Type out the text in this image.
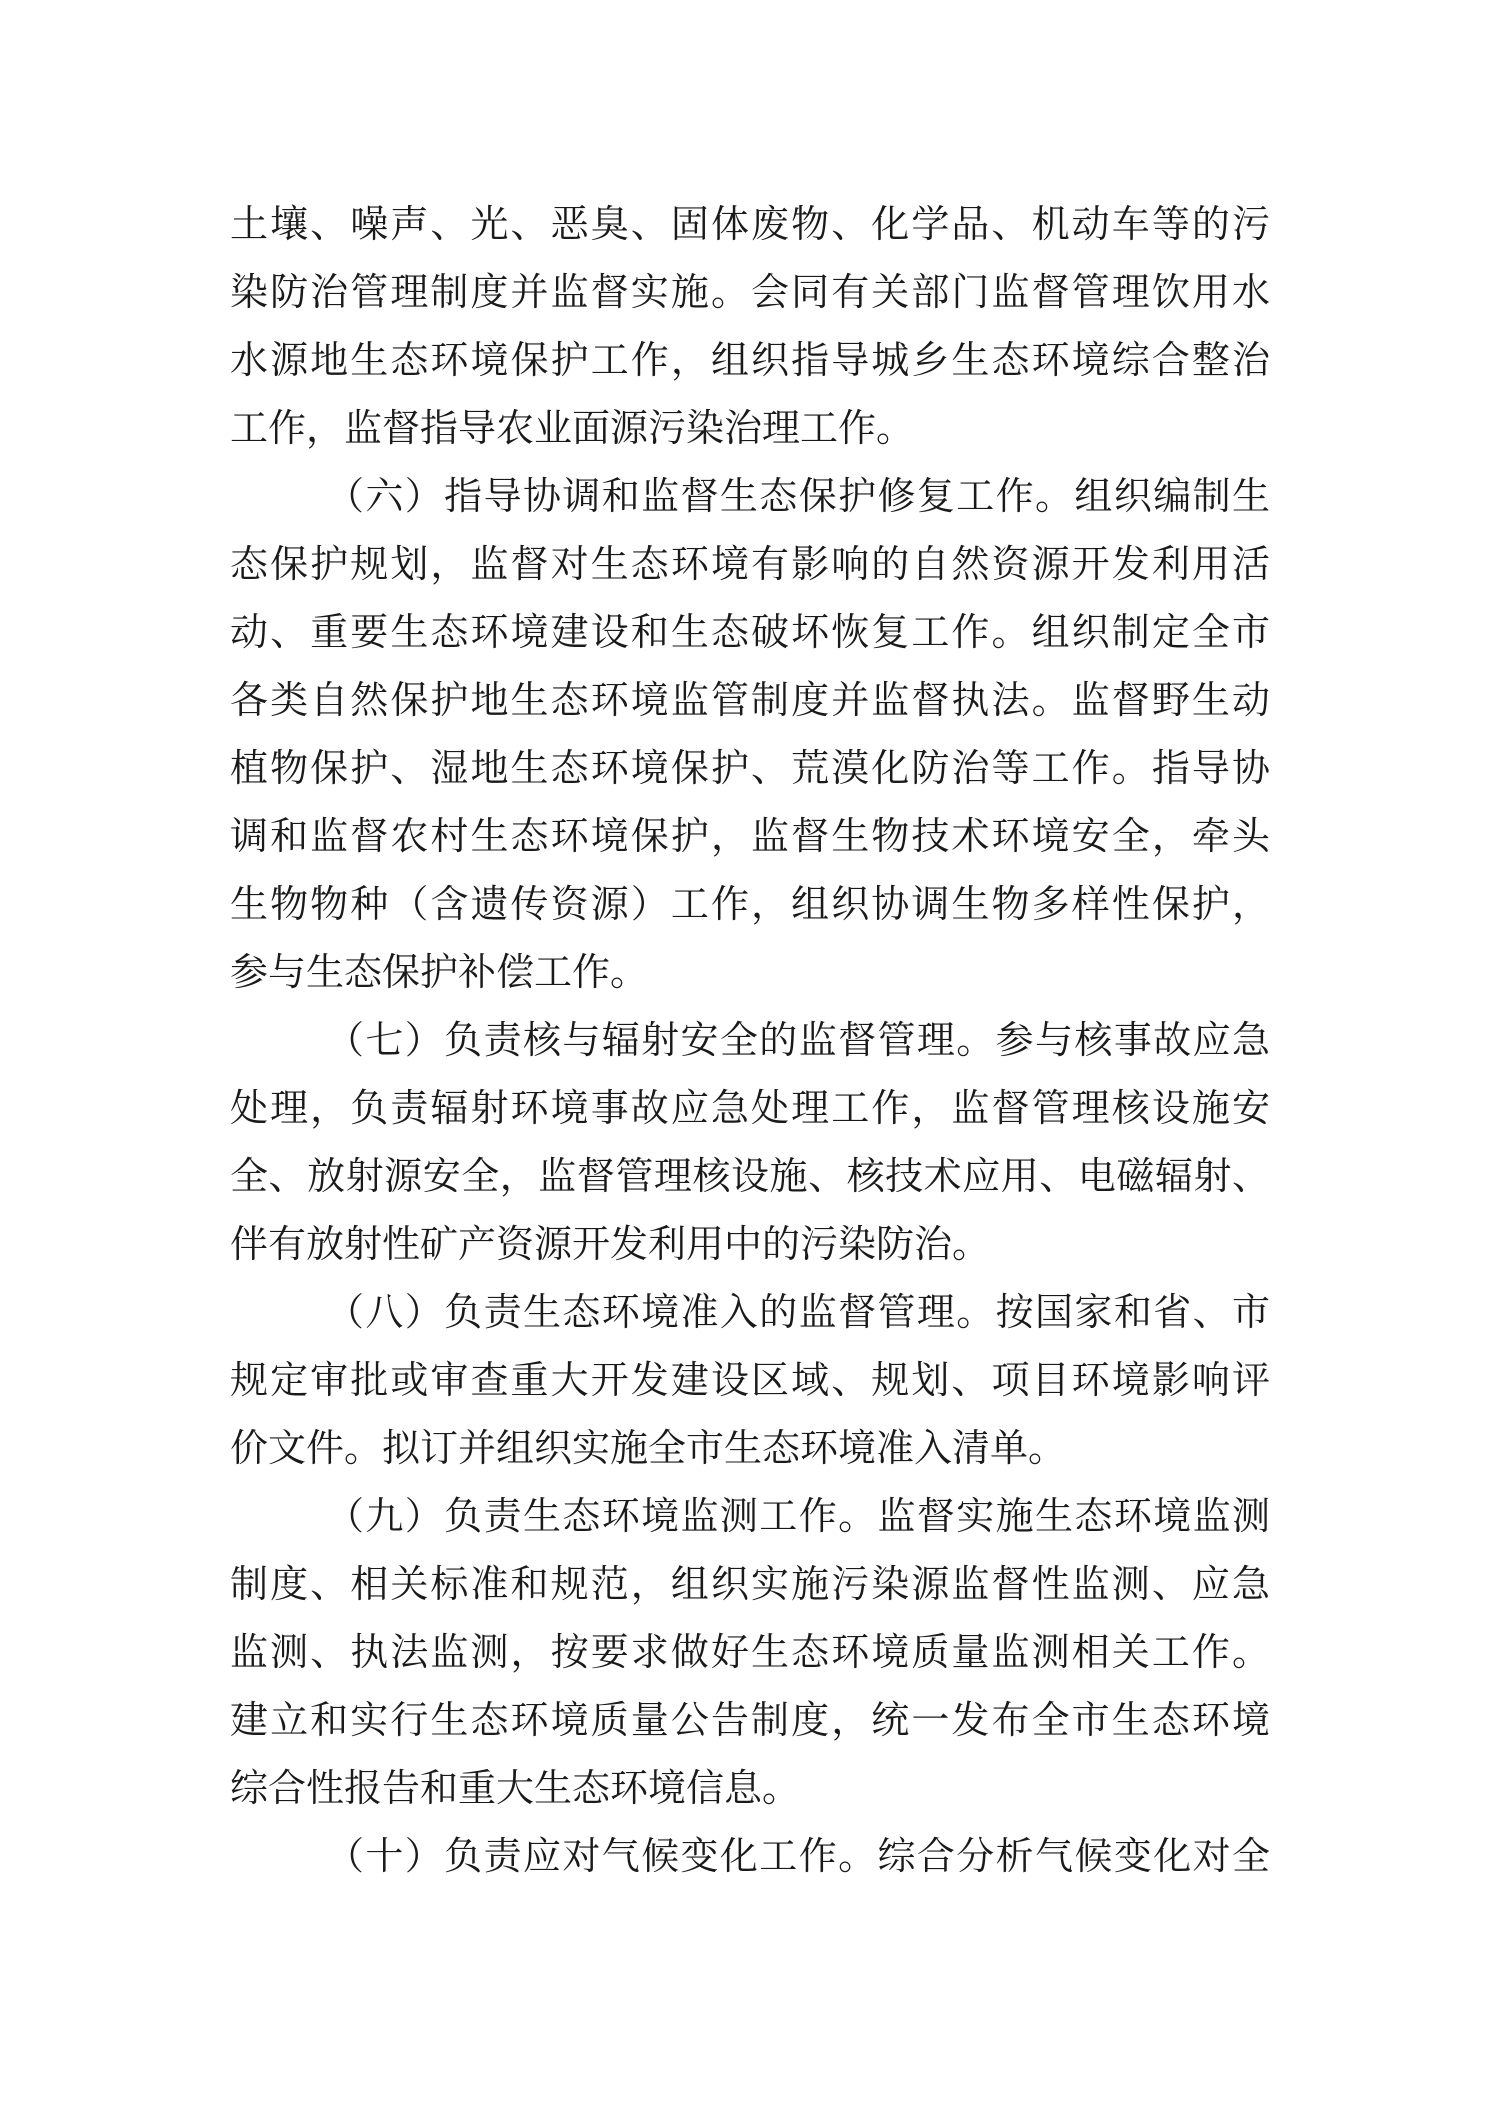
土壤、噪声、光、恶臭、固体废物、化学品、机动车等的污
染防治管理制度并监督实施。会同有关部门监督管理饮用水
水源地生态环境保护工作，组织指导城乡生态环境综合整治
工作，监督指导农业面源污染治理工作。
（六）指导协调和监督生态保护修复工作。组织编制生
态保护规划，监督对生态环境有影响的自然资源开发利用活
动、重要生态环境建设和生态破坏恢复工作。组织制定全市
各类自然保护地生态环境监管制度并监督执法。监督野生动
植物保护、湿地生态环境保护、荒漠化防治等工作。指导协
调和监督农村生态环境保护，监督生物技术环境安全，牵头
生物物种（含遗传资源）工作，组织协调生物多样性保护，
参与生态保护补偿工作。
（七）负责核与辐射安全的监督管理。参与核事故应急
处理，负责辐射环境事故应急处理工作，监督管理核设施安
全、放射源安全，监督管理核设施、核技术应用、电磁辐射、
伴有放射性矿产资源开发利用中的污染防治。
（八）负责生态环境准入的监督管理。按国家和省、市
规定审批或审查重大开发建设区域、规划、项目环境影响评
价文件。拟订并组织实施全市生态环境准入清单。
（九）负责生态环境监测工作。监督实施生态环境监测
制度、相关标准和规范，组织实施污染源监督性监测、应急
监测、执法监测，按要求做好生态环境质量监测相关工作。
建立和实行生态环境质量公告制度，统一发布全市生态环境
综合性报告和重大生态环境信息。
（十）负责应对气候变化工作。综合分析气候变化对全
